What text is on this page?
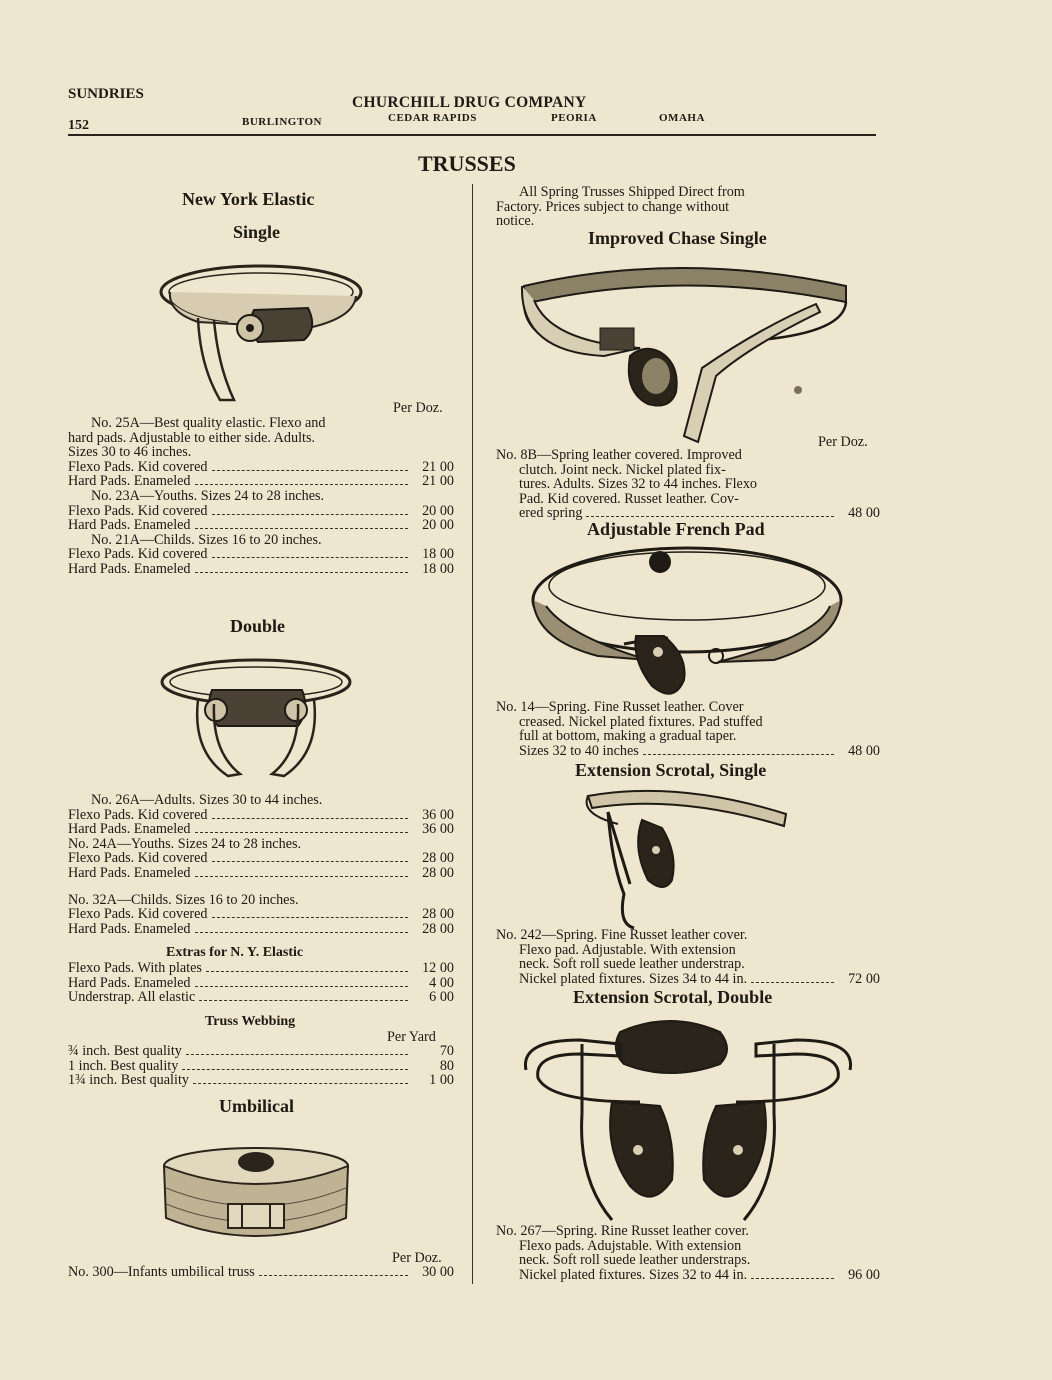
SUNDRIES
152
CHURCHILL DRUG COMPANY
BURLINGTON	CEDAR RAPIDS	PEORIA	OMAHA
TRUSSES
New York Elastic
Single
Per Doz.
No. 25A—Best quality elastic. Flexo and
hard pads. Adjustable to either side. Adults.
Sizes 30 to 46 inches.
Flexo Pads. Kid covered	21 00
Hard Pads. Enameled	21 00
No. 23A—Youths. Sizes 24 to 28 inches.
Flexo Pads. Kid covered	20 00
Hard Pads. Enameled	20 00
No. 21A—Childs. Sizes 16 to 20 inches.
Flexo Pads. Kid covered	18 00
Hard Pads. Enameled	18 00
Double
No. 26A—Adults. Sizes 30 to 44 inches.
Flexo Pads. Kid covered	36 00
Hard Pads. Enameled	36 00
No. 24A—Youths. Sizes 24 to 28 inches.
Flexo Pads. Kid covered	28 00
Hard Pads. Enameled	28 00
No. 32A—Childs. Sizes 16 to 20 inches.
Flexo Pads. Kid covered	28 00
Hard Pads. Enameled	28 00
Extras for N. Y. Elastic
Flexo Pads. With plates	12 00
Hard Pads. Enameled	4 00
Understrap. All elastic	6 00
Truss Webbing
Per Yard
¾ inch. Best quality	70
1 inch. Best quality	80
1¾ inch. Best quality	1 00
Umbilical
Per Doz.
No. 300—Infants umbilical truss	30 00
All Spring Trusses Shipped Direct from
Factory. Prices subject to change without
notice.
Improved Chase Single
Per Doz.
No. 8B—Spring leather covered. Improved
clutch. Joint neck. Nickel plated fix-
tures. Adults. Sizes 32 to 44 inches. Flexo
Pad. Kid covered. Russet leather. Cov-
ered spring	48 00
Adjustable French Pad
No. 14—Spring. Fine Russet leather. Cover
creased. Nickel plated fixtures. Pad stuffed
full at bottom, making a gradual taper.
Sizes 32 to 40 inches	48 00
Extension Scrotal, Single
No. 242—Spring. Fine Russet leather cover.
Flexo pad. Adjustable. With extension
neck. Soft roll suede leather understrap.
Nickel plated fixtures. Sizes 34 to 44 in.	72 00
Extension Scrotal, Double
No. 267—Spring. Rine Russet leather cover.
Flexo pads. Adujstable. With extension
neck. Soft roll suede leather understraps.
Nickel plated fixtures. Sizes 32 to 44 in.	96 00
